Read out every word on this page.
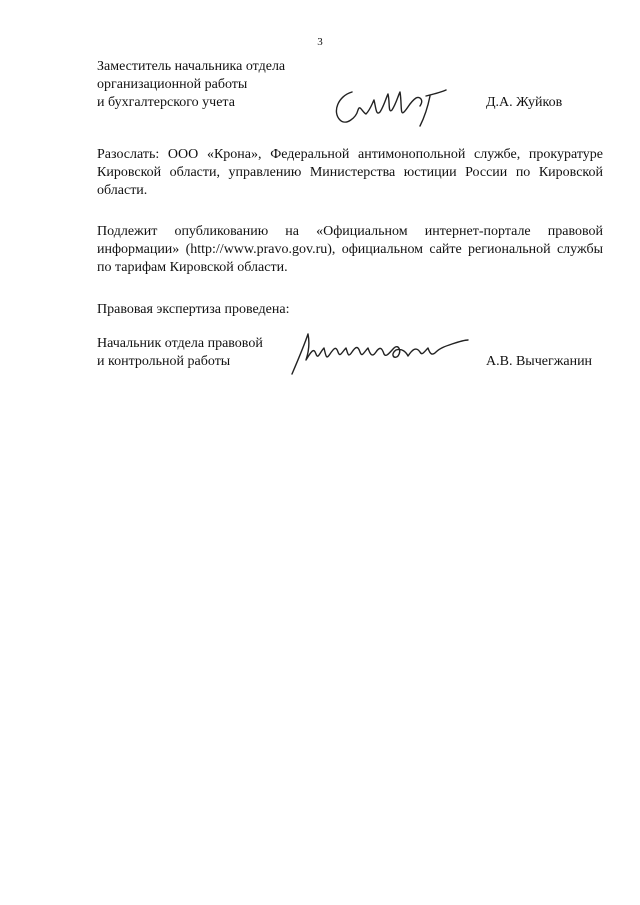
3
Заместитель начальника отдела
организационной работы
и бухгалтерского учета	Д.А. Жуйков
Разослать: ООО «Крона», Федеральной антимонопольной службе, прокуратуре Кировской области, управлению Министерства юстиции России по Кировской области.
Подлежит опубликованию на «Официальном интернет-портале правовой информации» (http://www.pravo.gov.ru), официальном сайте региональной службы по тарифам Кировской области.
Правовая экспертиза проведена:
Начальник отдела правовой
и контрольной работы	А.В. Вычегжанин
